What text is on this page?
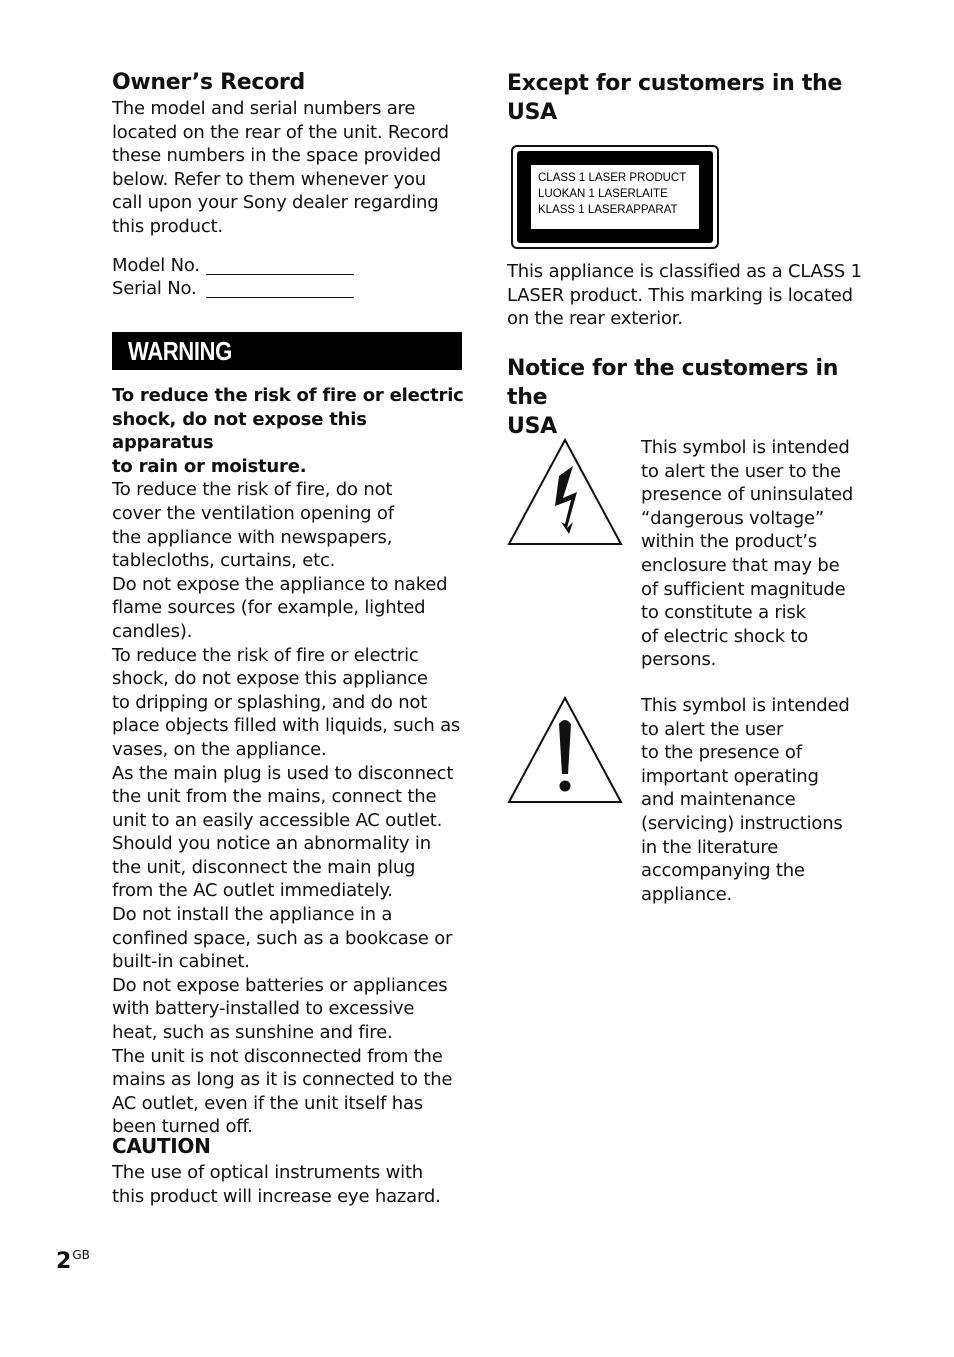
Owner’s Record
The model and serial numbers are
located on the rear of the unit. Record
these numbers in the space provided
below. Refer to them whenever you
call upon your Sony dealer regarding
this product.
Model No.
Serial No.
WARNING
To reduce the risk of fire or electric
shock, do not expose this apparatus
to rain or moisture.
To reduce the risk of fire, do not
cover the ventilation opening of
the appliance with newspapers,
tablecloths, curtains, etc.
Do not expose the appliance to naked
flame sources (for example, lighted
candles).
To reduce the risk of fire or electric
shock, do not expose this appliance
to dripping or splashing, and do not
place objects filled with liquids, such as
vases, on the appliance.
As the main plug is used to disconnect
the unit from the mains, connect the
unit to an easily accessible AC outlet.
Should you notice an abnormality in
the unit, disconnect the main plug
from the AC outlet immediately.
Do not install the appliance in a
confined space, such as a bookcase or
built-in cabinet.
Do not expose batteries or appliances
with battery-installed to excessive
heat, such as sunshine and fire.
The unit is not disconnected from the
mains as long as it is connected to the
AC outlet, even if the unit itself has
been turned off.
CAUTION
The use of optical instruments with
this product will increase eye hazard.
Except for customers in the
USA
CLASS 1 LASER PRODUCT
LUOKAN 1 LASERLAITE
KLASS 1 LASERAPPARAT
This appliance is classified as a CLASS 1
LASER product. This marking is located
on the rear exterior.
Notice for the customers in the
USA
This symbol is intended
to alert the user to the
presence of uninsulated
“dangerous voltage”
within the product’s
enclosure that may be
of sufficient magnitude
to constitute a risk
of electric shock to
persons.
This symbol is intended
to alert the user
to the presence of
important operating
and maintenance
(servicing) instructions
in the literature
accompanying the
appliance.
$2^{GB}$
